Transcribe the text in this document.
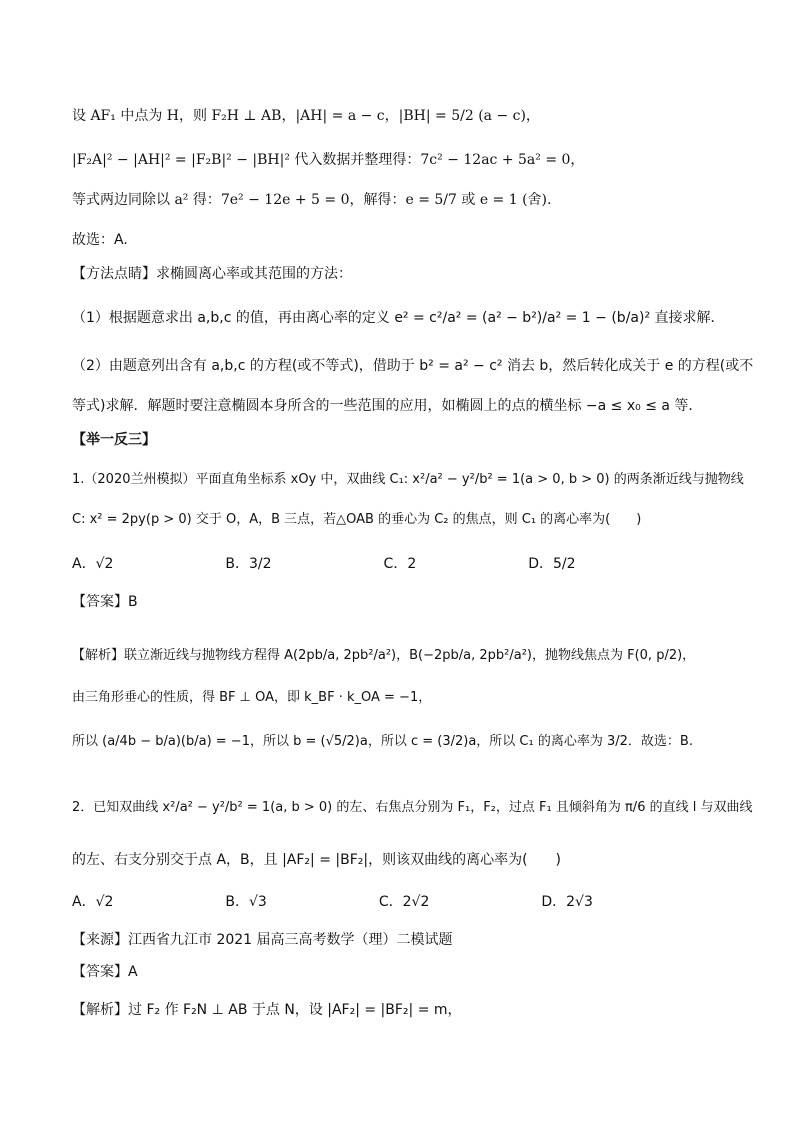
设 AF₁ 中点为 H，则 F₂H ⊥ AB，|AH| = a − c，|BH| = 5/2 (a − c)，
|F₂A|² − |AH|² = |F₂B|² − |BH|² 代入数据并整理得：7c² − 12ac + 5a² = 0，
等式两边同除以 a² 得：7e² − 12e + 5 = 0，解得：e = 5/7 或 e = 1 (舍).
故选：A.
【方法点睛】求椭圆离心率或其范围的方法：
（1）根据题意求出 a,b,c 的值，再由离心率的定义 e² = c²/a² = (a² − b²)/a² = 1 − (b/a)² 直接求解．
（2）由题意列出含有 a,b,c 的方程(或不等式)，借助于 b² = a² − c² 消去 b，然后转化成关于 e 的方程(或不
等式)求解．解题时要注意椭圆本身所含的一些范围的应用，如椭圆上的点的横坐标 −a ≤ x₀ ≤ a 等．
【举一反三】
1.（2020兰州模拟）平面直角坐标系 xOy 中，双曲线 C₁: x²/a² − y²/b² = 1(a > 0, b > 0) 的两条渐近线与抛物线
C: x² = 2py(p > 0) 交于 O，A，B 三点，若△OAB 的垂心为 C₂ 的焦点，则 C₁ 的离心率为(　　)
A．√2　　　　　　　　B．3/2　　　　　　　　C．2　　　　　　　　D．5/2
【答案】B
【解析】联立渐近线与抛物线方程得 A(2pb/a, 2pb²/a²)，B(−2pb/a, 2pb²/a²)，抛物线焦点为 F(0, p/2)，
由三角形垂心的性质，得 BF ⊥ OA，即 k_BF · k_OA = −1，
所以 (a/4b − b/a)(b/a) = −1，所以 b = (√5/2)a，所以 c = (3/2)a，所以 C₁ 的离心率为 3/2．故选：B.
2．已知双曲线 x²/a² − y²/b² = 1(a, b > 0) 的左、右焦点分别为 F₁，F₂，过点 F₁ 且倾斜角为 π/6 的直线 l 与双曲线
的左、右支分别交于点 A，B，且 |AF₂| = |BF₂|，则该双曲线的离心率为(　　)
A．√2　　　　　　　　B．√3　　　　　　　　C．2√2　　　　　　　　D．2√3
【来源】江西省九江市 2021 届高三高考数学（理）二模试题
【答案】A
【解析】过 F₂ 作 F₂N ⊥ AB 于点 N，设 |AF₂| = |BF₂| = m，
